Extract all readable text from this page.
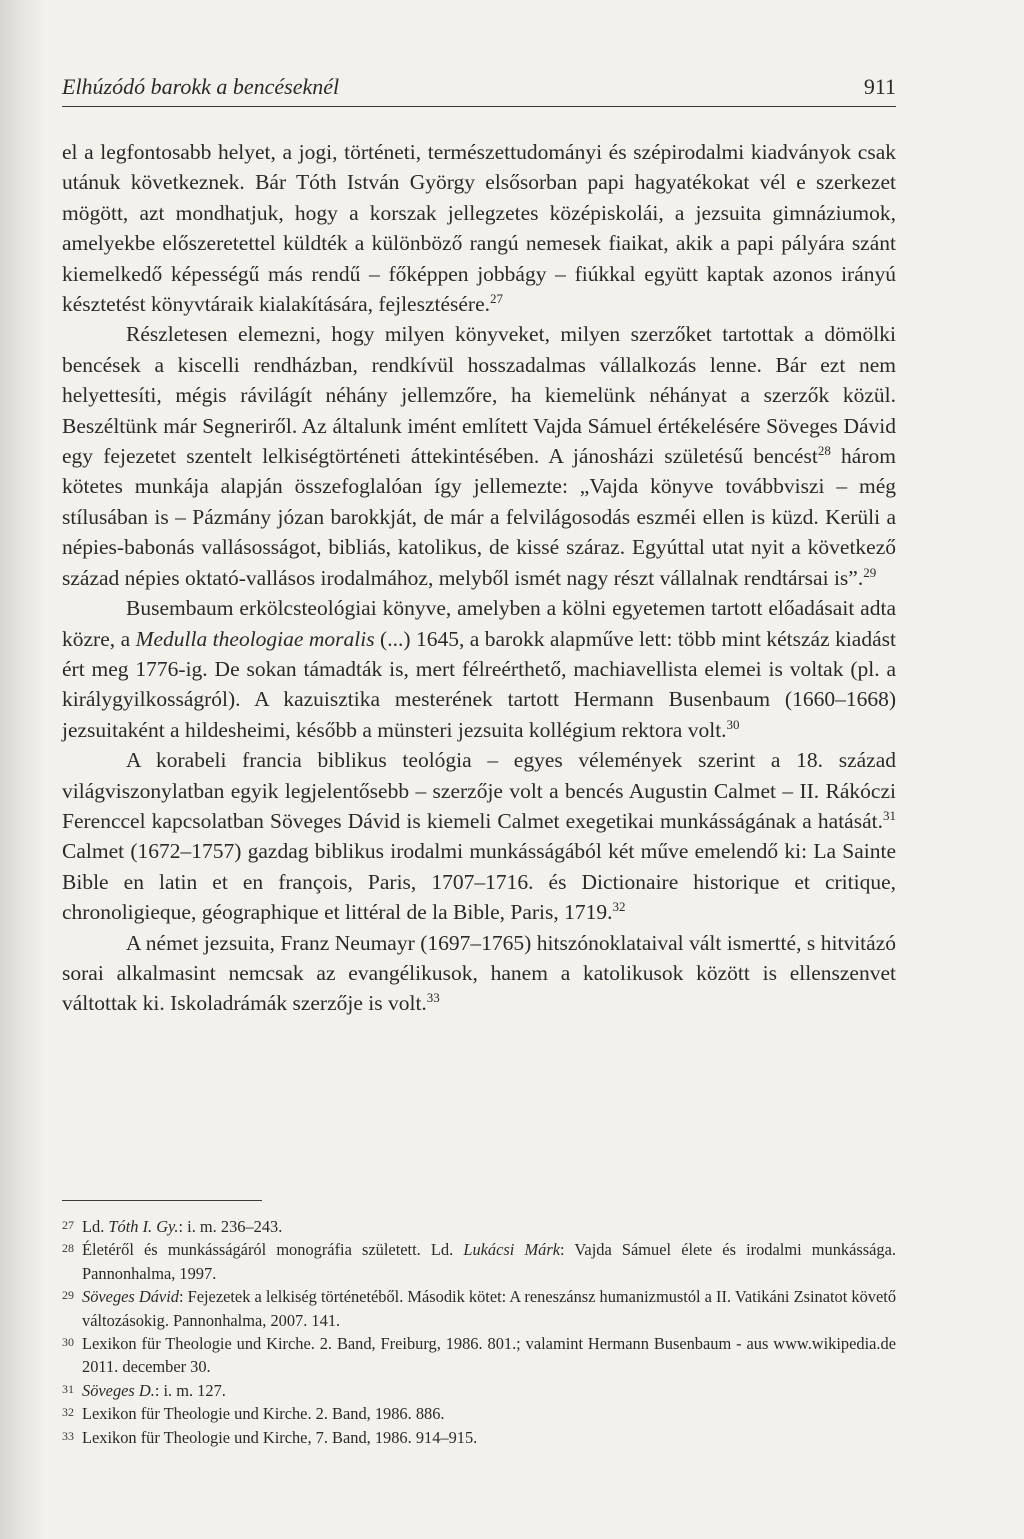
Elhúzódó barokk a bencéseknél	911

el a legfontosabb helyet, a jogi, történeti, természettudományi és szépirodalmi kiadványok csak utánuk következnek. Bár Tóth István György elsősorban papi hagyatékokat vél e szerkezet mögött, azt mondhatjuk, hogy a korszak jellegzetes középiskolái, a jezsuita gimnáziumok, amelyekbe előszeretettel küldték a különböző rangú nemesek fiaikat, akik a papi pályára szánt kiemelkedő képességű más rendű – főképpen jobbágy – fiúkkal együtt kaptak azonos irányú késztetést könyvtáraik kialakítására, fejlesztésére.$^{27}$

Részletesen elemezni, hogy milyen könyveket, milyen szerzőket tartottak a dömölki bencések a kiscelli rendházban, rendkívül hosszadalmas vállalkozás lenne. Bár ezt nem helyettesíti, mégis rávilágít néhány jellemzőre, ha kiemelünk néhányat a szerzők közül. Beszéltünk már Segneriről. Az általunk imént említett Vajda Sámuel értékelésére Söveges Dávid egy fejezetet szentelt lelkiségtörténeti áttekintésében. A jánosházi születésű bencést$^{28}$ három kötetes munkája alapján összefoglalóan így jellemezte: „Vajda könyve továbbviszi – még stílusában is – Pázmány józan barokkját, de már a felvilágosodás eszméi ellen is küzd. Kerüli a népies-babonás vallásosságot, bibliás, katolikus, de kissé száraz. Egyúttal utat nyit a következő század népies oktató-vallásos irodalmához, melyből ismét nagy részt vállalnak rendtársai is”.$^{29}$

Busembaum erkölcsteológiai könyve, amelyben a kölni egyetemen tartott előadásait adta közre, a Medulla theologiae moralis (...) 1645, a barokk alapműve lett: több mint kétszáz kiadást ért meg 1776-ig. De sokan támadták is, mert félreérthető, machiavellista elemei is voltak (pl. a királygyilkosságról). A kazuisztika mesterének tartott Hermann Busenbaum (1660–1668) jezsuitaként a hildesheimi, később a münsteri jezsuita kollégium rektora volt.$^{30}$

A korabeli francia biblikus teológia – egyes vélemények szerint a 18. század világviszonylatban egyik legjelentősebb – szerzője volt a bencés Augustin Calmet – II. Rákóczi Ferenccel kapcsolatban Söveges Dávid is kiemeli Calmet exegetikai munkásságának a hatását.$^{31}$ Calmet (1672–1757) gazdag biblikus irodalmi munkásságából két műve emelendő ki: La Sainte Bible en latin et en françois, Paris, 1707–1716. és Dictionaire historique et critique, chronoligieque, géographique et littéral de la Bible, Paris, 1719.32

A német jezsuita, Franz Neumayr (1697–1765) hitszónoklataival vált ismertté, s hitvitázó sorai alkalmasint nemcsak az evangélikusok, hanem a katolikusok között is ellenszenvet váltottak ki. Iskoladrámák szerzője is volt.$^{33}$

27 Ld. Tóth I. Gy.: i. m. 236–243.
28 Életéről és munkásságáról monográfia született. Ld. Lukácsi Márk: Vajda Sámuel élete és irodalmi munkássága. Pannonhalma, 1997.
29 Söveges Dávid: Fejezetek a lelkiség történetéből. Második kötet: A reneszánsz humanizmustól a II. Vatikáni Zsinatot követő változásokig. Pannonhalma, 2007. 141.
30 Lexikon für Theologie und Kirche. 2. Band, Freiburg, 1986. 801.; valamint Hermann Busenbaum - aus www.wikipedia.de 2011. december 30.
31 Söveges D.: i. m. 127.
32 Lexikon für Theologie und Kirche. 2. Band, 1986. 886.
33 Lexikon für Theologie und Kirche, 7. Band, 1986. 914–915.
